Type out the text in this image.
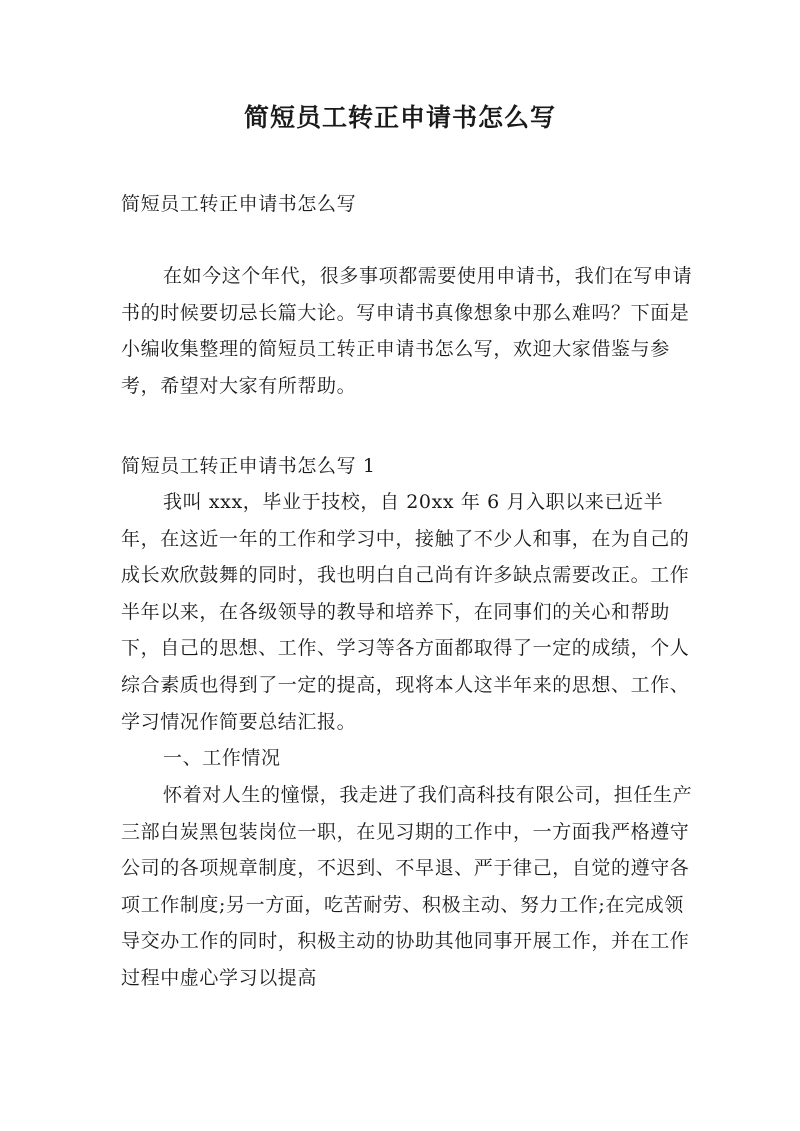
简短员工转正申请书怎么写

简短员工转正申请书怎么写

在如今这个年代，很多事项都需要使用申请书，我们在写申请书的时候要切忌长篇大论。写申请书真像想象中那么难吗？下面是小编收集整理的简短员工转正申请书怎么写，欢迎大家借鉴与参考，希望对大家有所帮助。

简短员工转正申请书怎么写 1

我叫 xxx，毕业于技校，自 20xx 年 6 月入职以来已近半年，在这近一年的工作和学习中，接触了不少人和事，在为自己的成长欢欣鼓舞的同时，我也明白自己尚有许多缺点需要改正。工作半年以来，在各级领导的教导和培养下，在同事们的关心和帮助下，自己的思想、工作、学习等各方面都取得了一定的成绩，个人综合素质也得到了一定的提高，现将本人这半年来的思想、工作、学习情况作简要总结汇报。

一、工作情况

怀着对人生的憧憬，我走进了我们高科技有限公司，担任生产三部白炭黑包装岗位一职，在见习期的工作中，一方面我严格遵守公司的各项规章制度，不迟到、不早退、严于律己，自觉的遵守各项工作制度;另一方面，吃苦耐劳、积极主动、努力工作;在完成领导交办工作的同时，积极主动的协助其他同事开展工作，并在工作过程中虚心学习以提高
